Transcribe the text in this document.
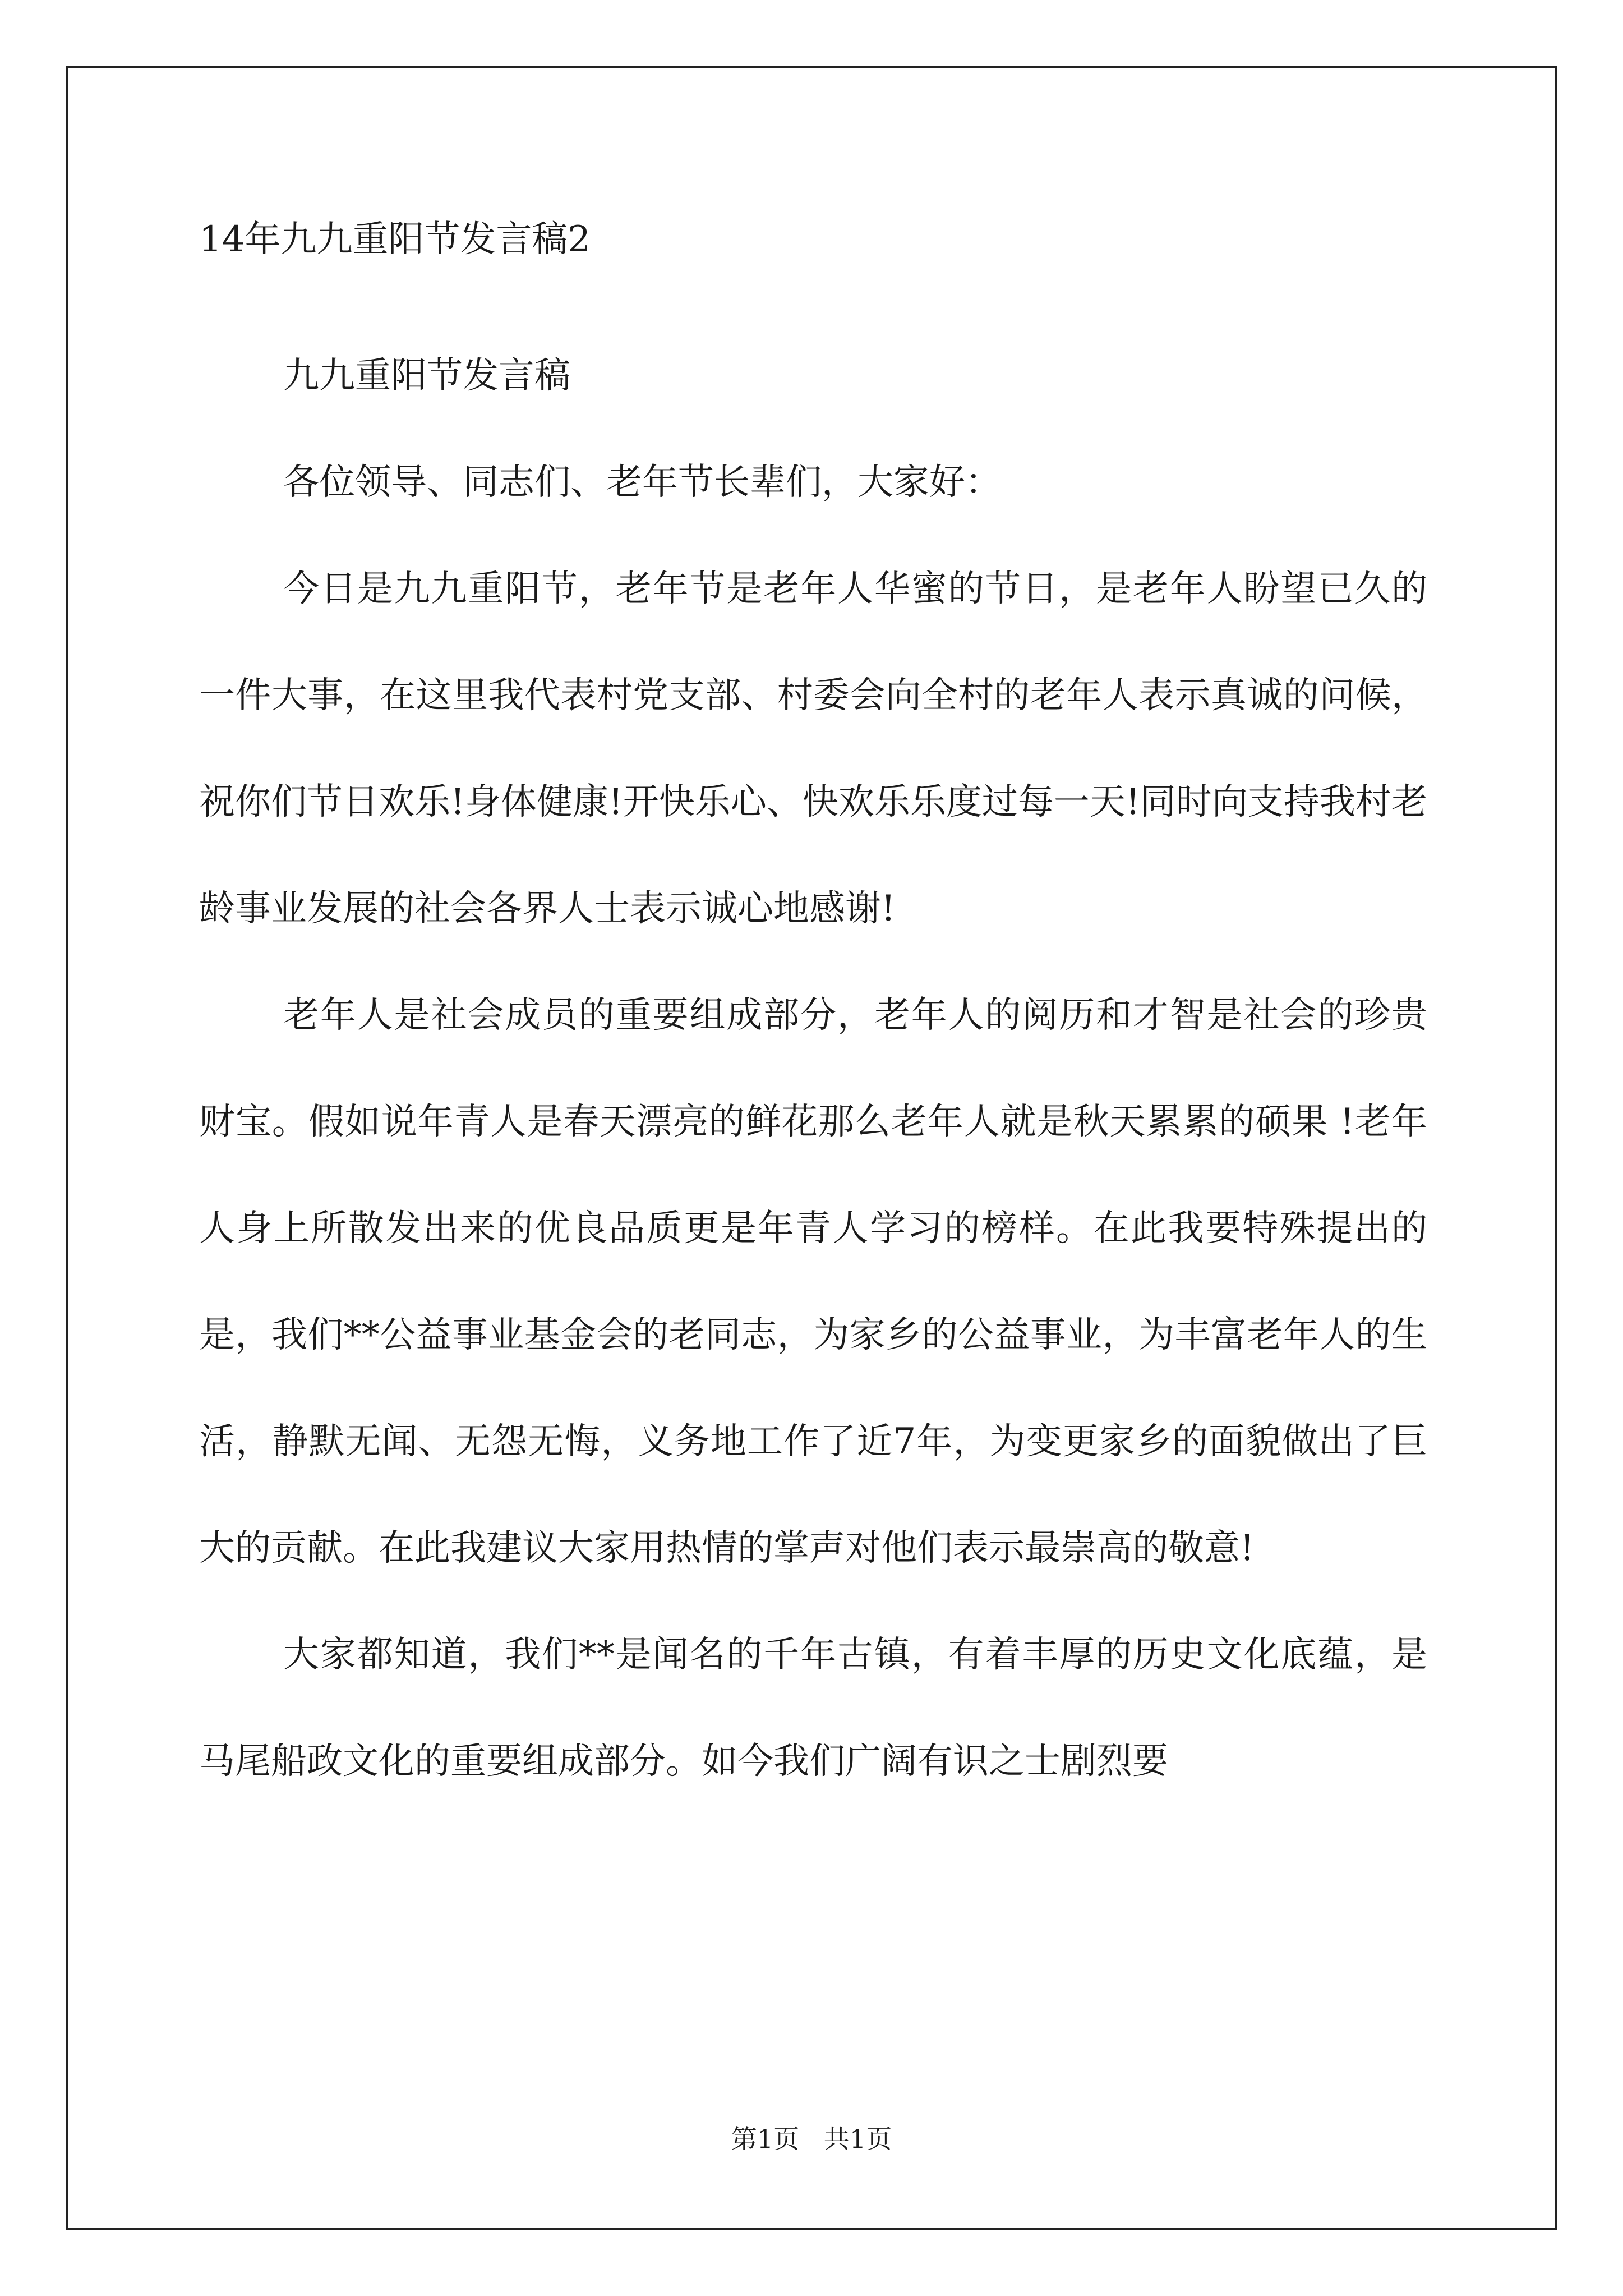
14年九九重阳节发言稿2

九九重阳节发言稿

各位领导、同志们、老年节长辈们，大家好：

今日是九九重阳节，老年节是老年人华蜜的节日，是老年人盼望已久的一件大事，在这里我代表村党支部、村委会向全村的老年人表示真诚的问候，祝你们节日欢乐!身体健康!开快乐心、快欢乐乐度过每一天!同时向支持我村老龄事业发展的社会各界人士表示诚心地感谢!

老年人是社会成员的重要组成部分，老年人的阅历和才智是社会的珍贵财宝。假如说年青人是春天漂亮的鲜花那么老年人就是秋天累累的硕果 !老年人身上所散发出来的优良品质更是年青人学习的榜样。在此我要特殊提出的是，我们**公益事业基金会的老同志，为家乡的公益事业，为丰富老年人的生活，静默无闻、无怨无悔，义务地工作了近7年，为变更家乡的面貌做出了巨大的贡献。在此我建议大家用热情的掌声对他们表示最崇高的敬意!

大家都知道，我们**是闻名的千年古镇，有着丰厚的历史文化底蕴，是马尾船政文化的重要组成部分。如今我们广阔有识之士剧烈要

第1页   共1页
